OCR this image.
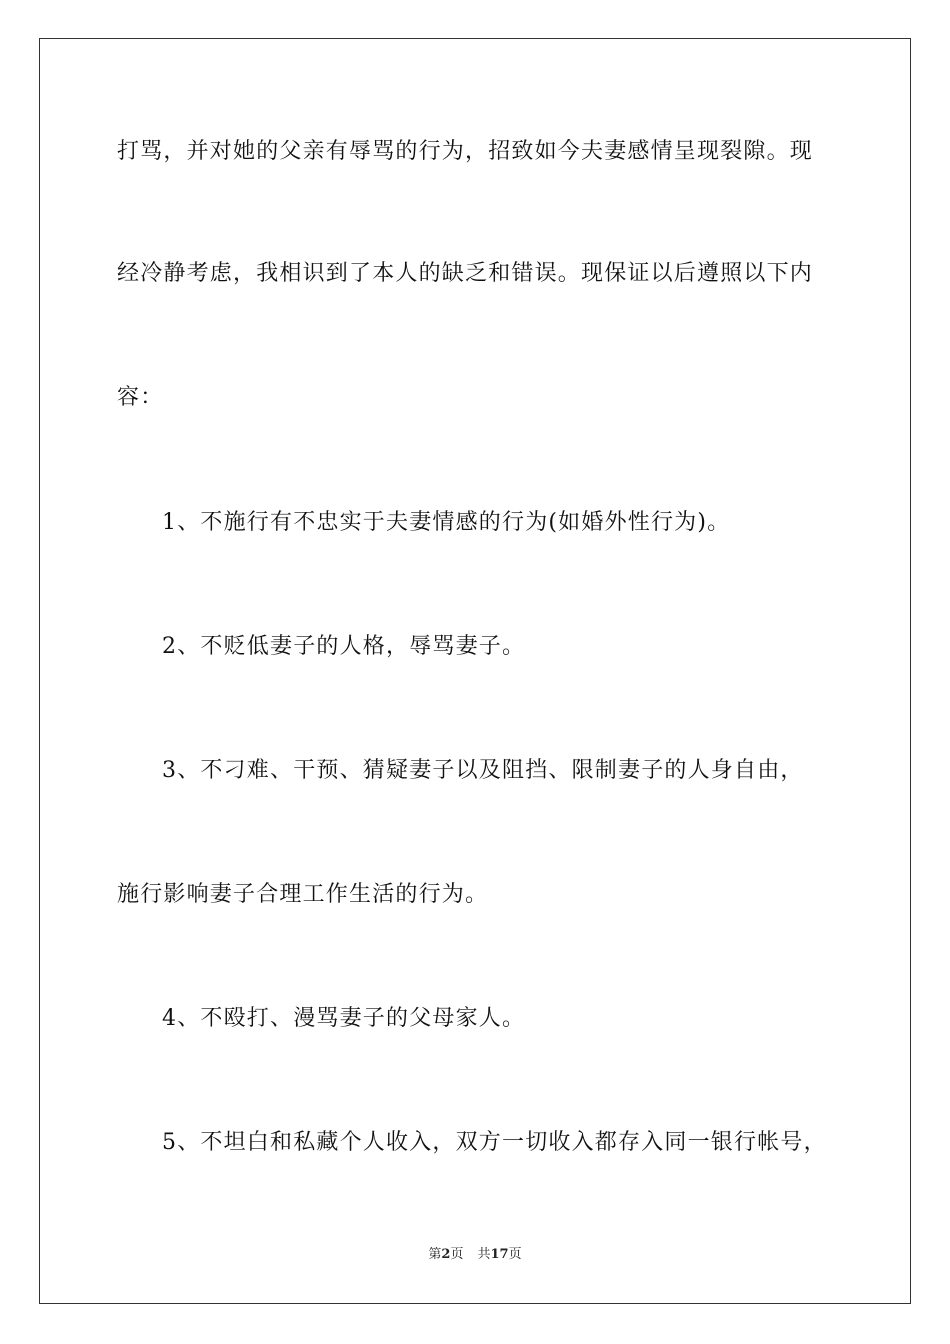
打骂，并对她的父亲有辱骂的行为，招致如今夫妻感情呈现裂隙。现
经冷静考虑，我相识到了本人的缺乏和错误。现保证以后遵照以下内
容：
1、不施行有不忠实于夫妻情感的行为(如婚外性行为)。
2、不贬低妻子的人格，辱骂妻子。
3、不刁难、干预、猜疑妻子以及阻挡、限制妻子的人身自由，
施行影响妻子合理工作生活的行为。
4、不殴打、漫骂妻子的父母家人。
5、不坦白和私藏个人收入，双方一切收入都存入同一银行帐号，
第2页 共17页
